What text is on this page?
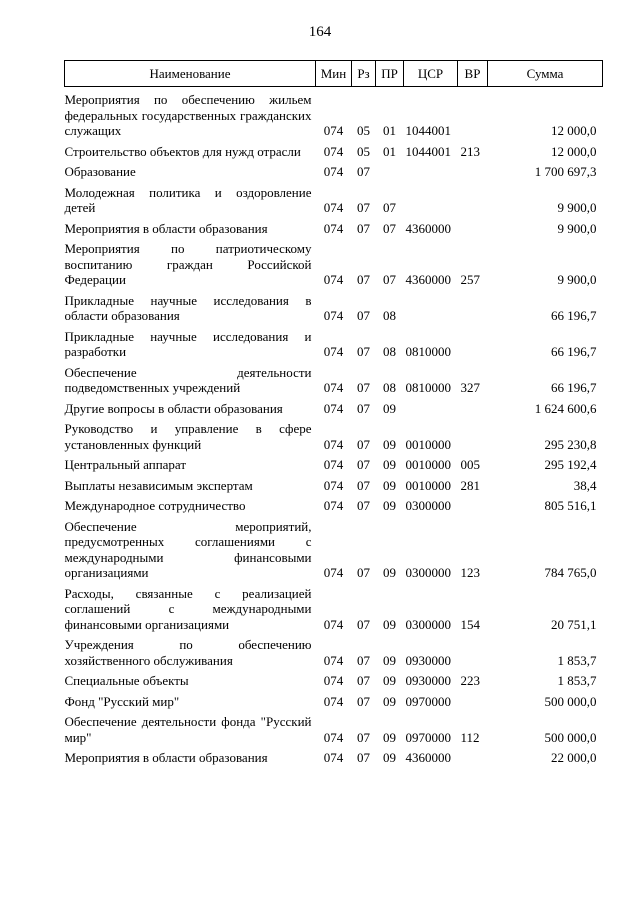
164
Наименование	Мин	Рз	ПР	ЦСР	ВР	Сумма
Мероприятия по обеспечению жильем федеральных государственных гражданских служащих	074	05	01	1044001		12 000,0
Строительство объектов для нужд отрасли	074	05	01	1044001	213	12 000,0
Образование	074	07				1 700 697,3
Молодежная политика и оздоровление детей	074	07	07			9 900,0
Мероприятия в области образования	074	07	07	4360000		9 900,0
Мероприятия по патриотическому воспитанию граждан Российской Федерации	074	07	07	4360000	257	9 900,0
Прикладные научные исследования в области образования	074	07	08			66 196,7
Прикладные научные исследования и разработки	074	07	08	0810000		66 196,7
Обеспечение деятельности подведомственных учреждений	074	07	08	0810000	327	66 196,7
Другие вопросы в области образования	074	07	09			1 624 600,6
Руководство и управление в сфере установленных функций	074	07	09	0010000		295 230,8
Центральный аппарат	074	07	09	0010000	005	295 192,4
Выплаты независимым экспертам	074	07	09	0010000	281	38,4
Международное сотрудничество	074	07	09	0300000		805 516,1
Обеспечение мероприятий, предусмотренных соглашениями с международными финансовыми организациями	074	07	09	0300000	123	784 765,0
Расходы, связанные с реализацией соглашений с международными финансовыми организациями	074	07	09	0300000	154	20 751,1
Учреждения по обеспечению хозяйственного обслуживания	074	07	09	0930000		1 853,7
Специальные объекты	074	07	09	0930000	223	1 853,7
Фонд "Русский мир"	074	07	09	0970000		500 000,0
Обеспечение деятельности фонда "Русский мир"	074	07	09	0970000	112	500 000,0
Мероприятия в области образования	074	07	09	4360000		22 000,0
